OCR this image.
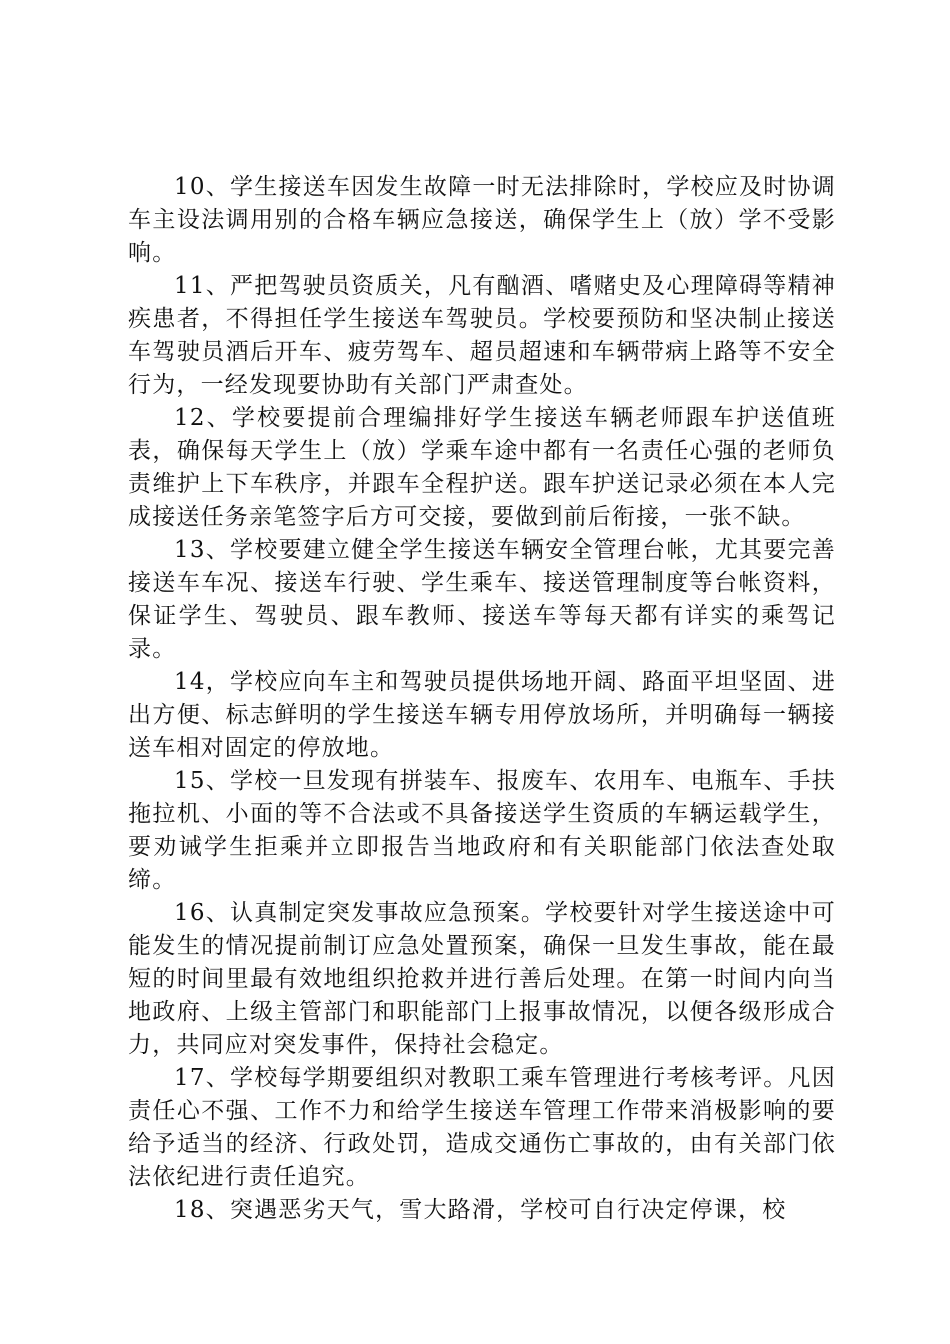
10、学生接送车因发生故障一时无法排除时，学校应及时协调车主设法调用别的合格车辆应急接送，确保学生上（放）学不受影响。

11、严把驾驶员资质关，凡有酗酒、嗜赌史及心理障碍等精神疾患者，不得担任学生接送车驾驶员。学校要预防和坚决制止接送车驾驶员酒后开车、疲劳驾车、超员超速和车辆带病上路等不安全行为，一经发现要协助有关部门严肃查处。

12、学校要提前合理编排好学生接送车辆老师跟车护送值班表，确保每天学生上（放）学乘车途中都有一名责任心强的老师负责维护上下车秩序，并跟车全程护送。跟车护送记录必须在本人完成接送任务亲笔签字后方可交接，要做到前后衔接，一张不缺。

13、学校要建立健全学生接送车辆安全管理台帐，尤其要完善接送车车况、接送车行驶、学生乘车、接送管理制度等台帐资料，保证学生、驾驶员、跟车教师、接送车等每天都有详实的乘驾记录。

14，学校应向车主和驾驶员提供场地开阔、路面平坦坚固、进出方便、标志鲜明的学生接送车辆专用停放场所，并明确每一辆接送车相对固定的停放地。

15、学校一旦发现有拼装车、报废车、农用车、电瓶车、手扶拖拉机、小面的等不合法或不具备接送学生资质的车辆运载学生，要劝诫学生拒乘并立即报告当地政府和有关职能部门依法查处取缔。

16、认真制定突发事故应急预案。学校要针对学生接送途中可能发生的情况提前制订应急处置预案，确保一旦发生事故，能在最短的时间里最有效地组织抢救并进行善后处理。在第一时间内向当地政府、上级主管部门和职能部门上报事故情况，以便各级形成合力，共同应对突发事件，保持社会稳定。

17、学校每学期要组织对教职工乘车管理进行考核考评。凡因责任心不强、工作不力和给学生接送车管理工作带来消极影响的要给予适当的经济、行政处罚，造成交通伤亡事故的，由有关部门依法依纪进行责任追究。

18、突遇恶劣天气，雪大路滑，学校可自行决定停课，校
